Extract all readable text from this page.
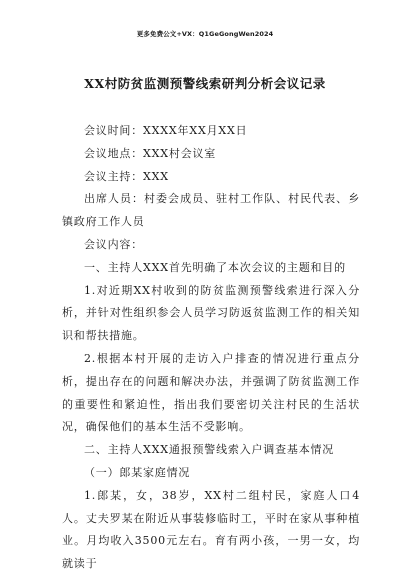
更多免费公文+VX：Q1GeGongWen2024
XX村防贫监测预警线索研判分析会议记录

会议时间：XXXX年XX月XX日

会议地点：XXX村会议室

会议主持：XXX

出席人员：村委会成员、驻村工作队、村民代表、乡镇政府工作人员

会议内容：

一、主持人XXX首先明确了本次会议的主题和目的

1.对近期XX村收到的防贫监测预警线索进行深入分析，并针对性组织参会人员学习防返贫监测工作的相关知识和帮扶措施。

2.根据本村开展的走访入户排查的情况进行重点分析，提出存在的问题和解决办法，并强调了防贫监测工作的重要性和紧迫性，指出我们要密切关注村民的生活状况，确保他们的基本生活不受影响。

二、主持人XXX通报预警线索入户调查基本情况

（一）郎某家庭情况

1.郎某，女，38岁，XX村二组村民，家庭人口4人。丈夫罗某在附近从事装修临时工，平时在家从事种植业。月均收入3500元左右。育有两小孩，一男一女，均就读于
